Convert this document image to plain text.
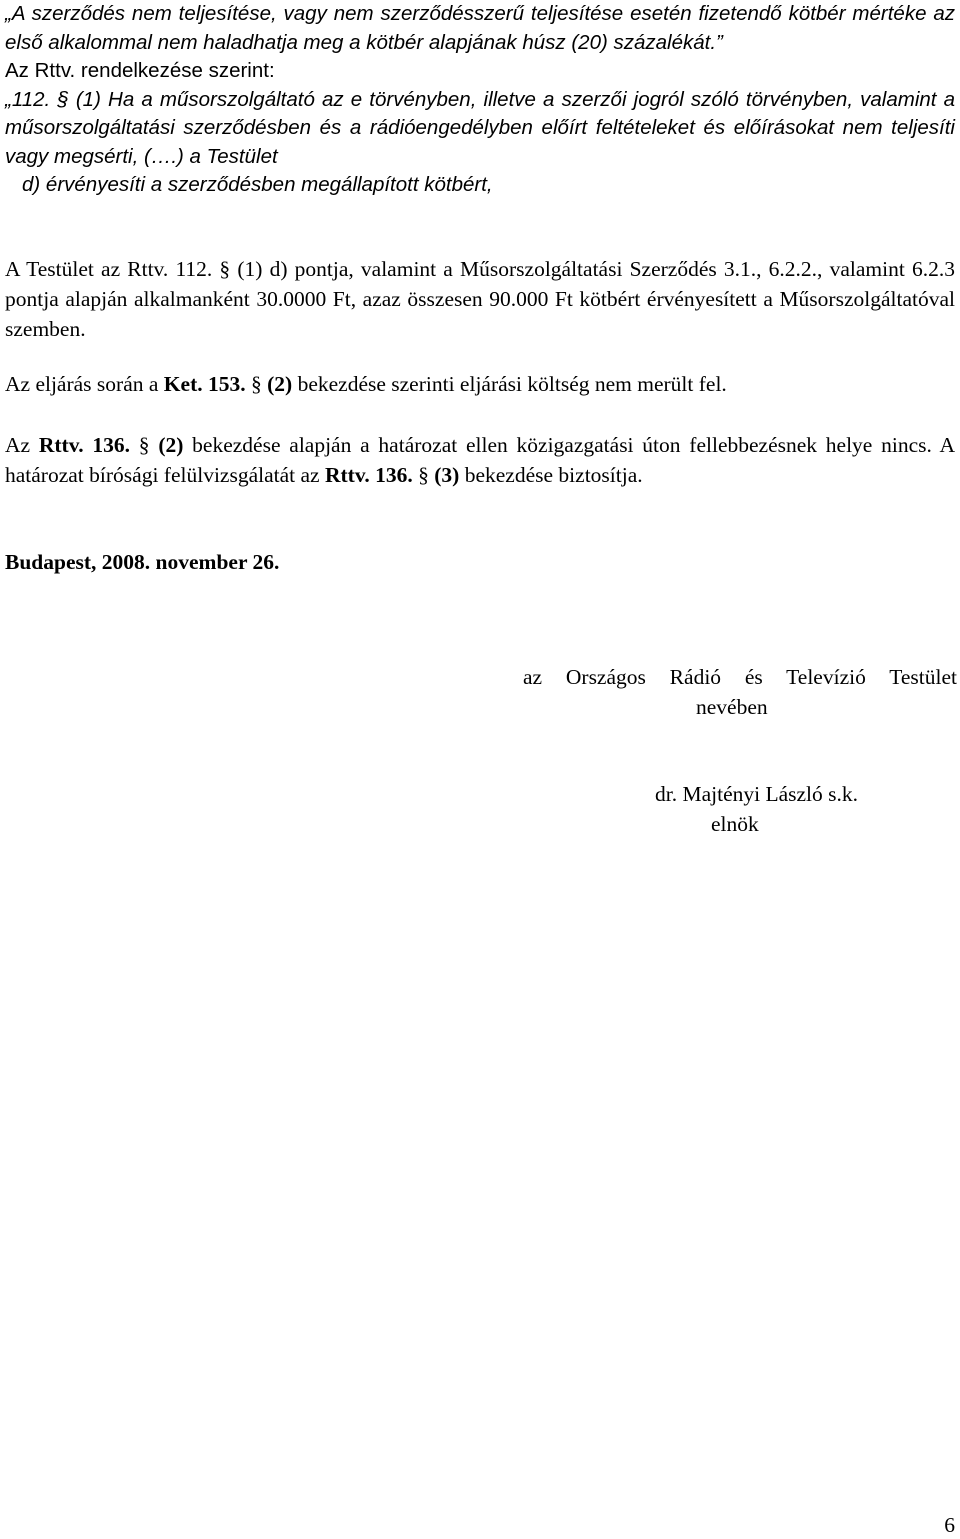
„A szerződés nem teljesítése, vagy nem szerződésszerű teljesítése esetén fizetendő kötbér mértéke az első alkalommal nem haladhatja meg a kötbér alapjának húsz (20) százalékát.”

Az Rttv. rendelkezése szerint:

„112. § (1) Ha a műsorszolgáltató az e törvényben, illetve a szerzői jogról szóló törvényben, valamint a műsorszolgáltatási szerződésben és a rádióengedélyben előírt feltételeket és előírásokat nem teljesíti vagy megsérti, (….) a Testület

d) érvényesíti a szerződésben megállapított kötbért,

A Testület az Rttv. 112. § (1) d) pontja, valamint a Műsorszolgáltatási Szerződés 3.1., 6.2.2., valamint 6.2.3 pontja alapján alkalmanként 30.0000 Ft, azaz összesen 90.000 Ft kötbért érvényesített a Műsorszolgáltatóval szemben.

Az eljárás során a Ket. 153. § (2) bekezdése szerinti eljárási költség nem merült fel.

Az Rttv. 136. § (2) bekezdése alapján a határozat ellen közigazgatási úton fellebbezésnek helye nincs. A határozat bírósági felülvizsgálatát az Rttv. 136. § (3) bekezdése biztosítja.

Budapest, 2008. november 26.
az Országos Rádió és Televízió Testület
nevében
dr. Majtényi László s.k.
elnök
6
